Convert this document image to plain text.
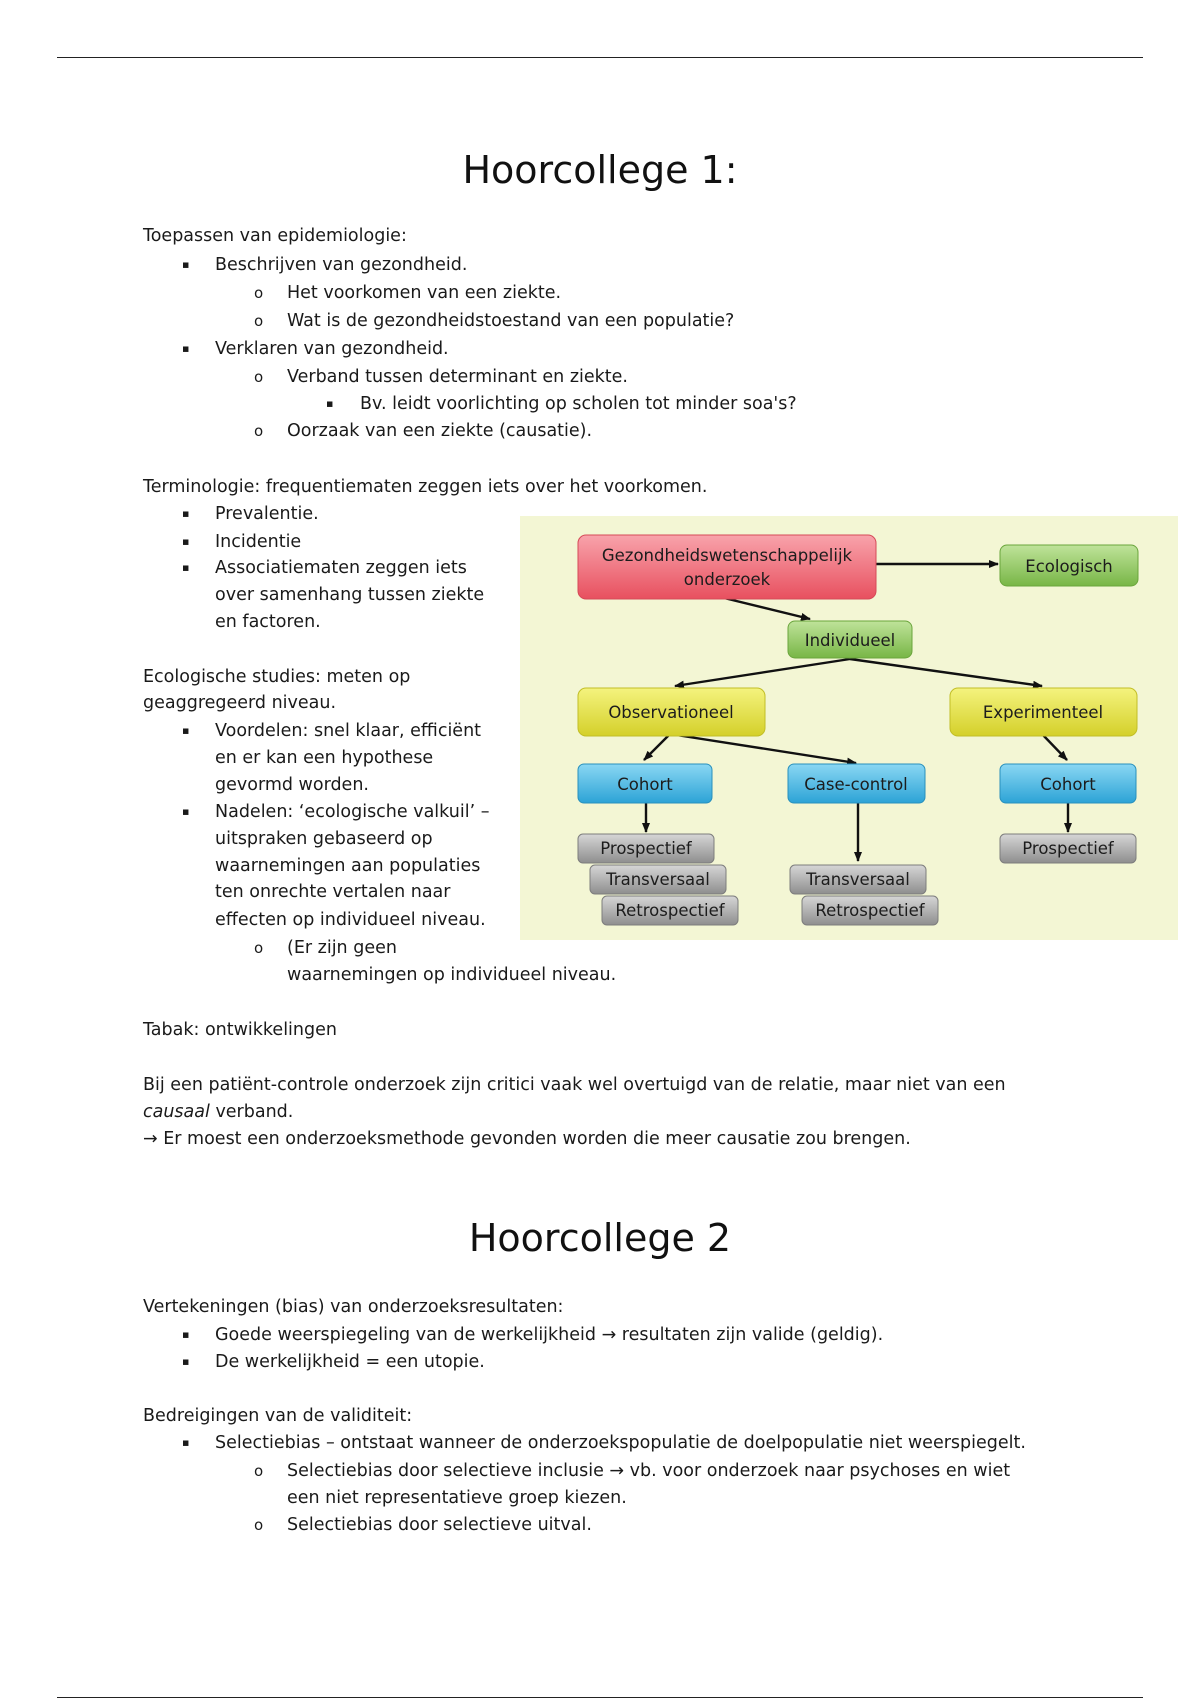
Hoorcollege 1:
Toepassen van epidemiologie:
▪ Beschrijven van gezondheid.
o Het voorkomen van een ziekte.
o Wat is de gezondheidstoestand van een populatie?
▪ Verklaren van gezondheid.
o Verband tussen determinant en ziekte.
▪ Bv. leidt voorlichting op scholen tot minder soa's?
o Oorzaak van een ziekte (causatie).
Terminologie: frequentiematen zeggen iets over het voorkomen.
▪ Prevalentie.
▪ Incidentie
▪ Associatiematen zeggen iets
over samenhang tussen ziekte
en factoren.
Ecologische studies: meten op
geaggregeerd niveau.
▪ Voordelen: snel klaar, efficiënt
en er kan een hypothese
gevormd worden.
▪ Nadelen: ‘ecologische valkuil’ –
uitspraken gebaseerd op
waarnemingen aan populaties
ten onrechte vertalen naar
effecten op individueel niveau.
o (Er zijn geen
waarnemingen op individueel niveau.
Tabak: ontwikkelingen
Bij een patiënt-controle onderzoek zijn critici vaak wel overtuigd van de relatie, maar niet van een
causaal verband.
→ Er moest een onderzoeksmethode gevonden worden die meer causatie zou brengen.
Gezondheidswetenschappelijk
onderzoek
Ecologisch
Individueel
Observationeel	Experimenteel
Cohort	Case-control	Cohort
Prospectief
Transversaal
Retrospectief
Transversaal
Retrospectief
Prospectief
Hoorcollege 2
Vertekeningen (bias) van onderzoeksresultaten:
▪ Goede weerspiegeling van de werkelijkheid → resultaten zijn valide (geldig).
▪ De werkelijkheid = een utopie.
Bedreigingen van de validiteit:
▪ Selectiebias – ontstaat wanneer de onderzoekspopulatie de doelpopulatie niet weerspiegelt.
o Selectiebias door selectieve inclusie → vb. voor onderzoek naar psychoses en wiet
een niet representatieve groep kiezen.
o Selectiebias door selectieve uitval.
